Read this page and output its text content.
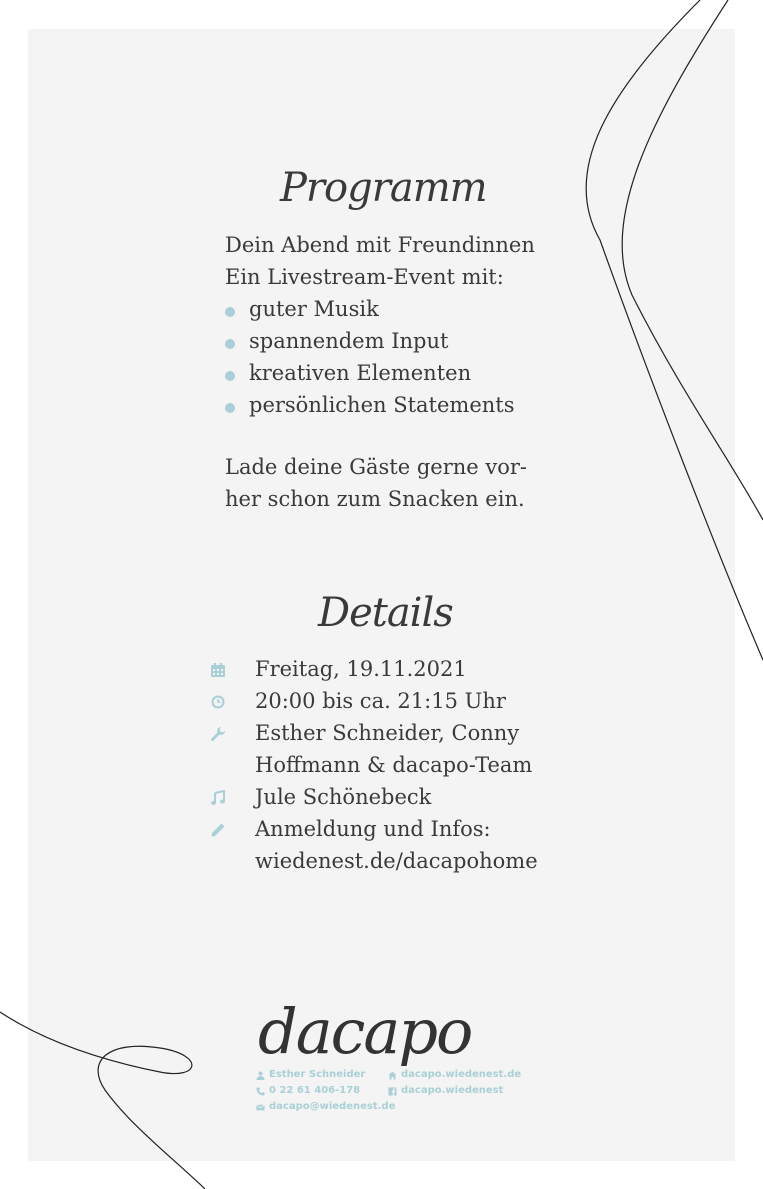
Programm
Dein Abend mit Freundinnen
Ein Livestream-Event mit:
guter Musik
spannendem Input
kreativen Elementen
persönlichen Statements
Lade deine Gäste gerne vor-
her schon zum Snacken ein.
Details
Freitag, 19.11.2021
20:00 bis ca. 21:15 Uhr
Esther Schneider, Conny
Hoffmann & dacapo-Team
Jule Schönebeck
Anmeldung und Infos:
wiedenest.de/dacapohome
dacapo
Esther Schneider
0 22 61 406-178
dacapo@wiedenest.de
dacapo.wiedenest.de
dacapo.wiedenest
